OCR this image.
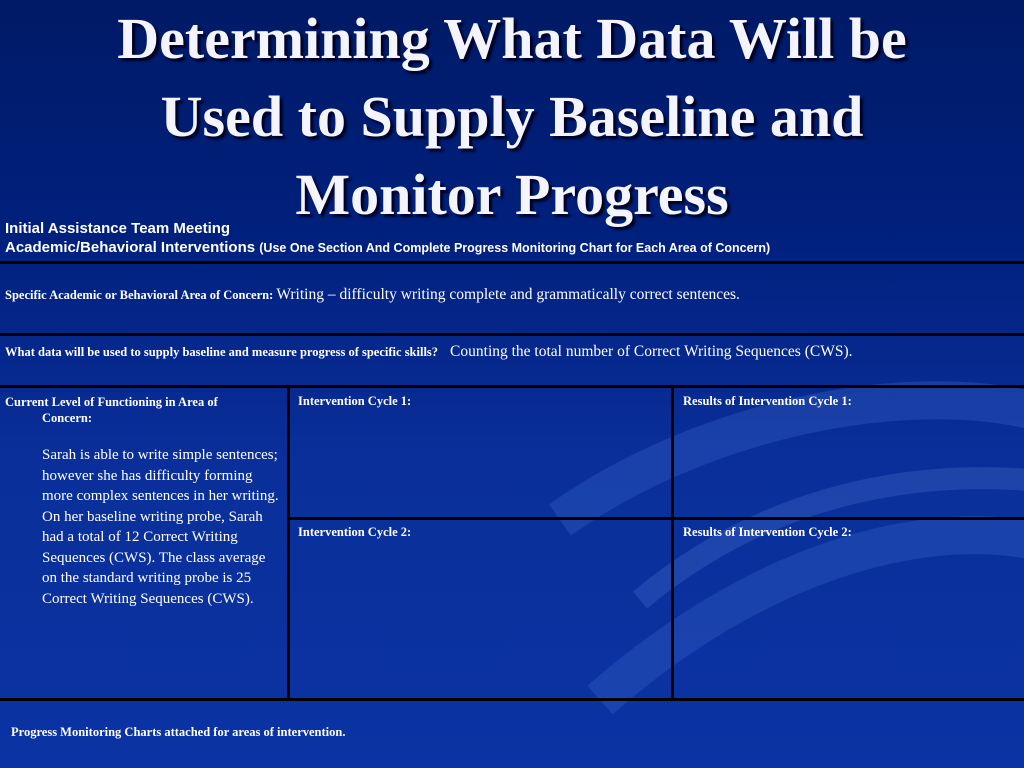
Determining What Data Will be
Used to Supply Baseline and
Monitor Progress
Initial Assistance Team Meeting
Academic/Behavioral Interventions (Use One Section And Complete Progress Monitoring Chart for Each Area of Concern)
Specific Academic or Behavioral Area of Concern: Writing – difficulty writing complete and grammatically correct sentences.
What data will be used to supply baseline and measure progress of specific skills? Counting the total number of Correct Writing Sequences (CWS).
Current Level of Functioning in Area of
Concern:
Sarah is able to write simple sentences; however she has difficulty forming more complex sentences in her writing. On her baseline writing probe, Sarah had a total of 12 Correct Writing Sequences (CWS). The class average on the standard writing probe is 25 Correct Writing Sequences (CWS).
Intervention Cycle 1:	Results of Intervention Cycle 1:
Intervention Cycle 2:	Results of Intervention Cycle 2:
Progress Monitoring Charts attached for areas of intervention.
